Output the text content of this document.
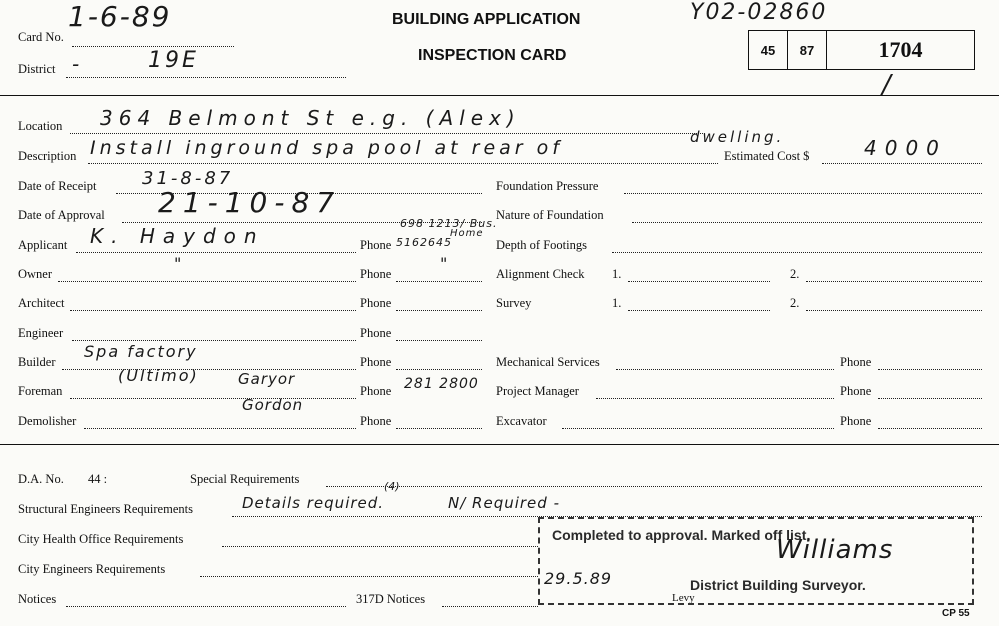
Card No.
1-6-89
District -	19E
BUILDING APPLICATION
INSPECTION CARD
Y02-02860
45	87	1704
/
Location 364 Belmont St e.g. (Alex)
Description Install inground spa pool at rear of	dwelling.
Estimated Cost $	4000
Date of Receipt	31-8-87
Date of Approval 21-10-87
Applicant K. Haydon	Phone
698 1213/ Bus.
Home
5162645
Owner
"
Phone
"
Architect	Phone
Engineer	Phone
Builder
Spa factory
(Ultimo)
Phone
Foreman
Garyor
Gordon
Phone 281 2800
Demolisher	Phone
Foundation Pressure
Nature of Foundation
Depth of Footings
Alignment Check 1.	2.
Survey	1.	2.
Mechanical Services	Phone
Project Manager	Phone
Excavator	Phone
D.A. No. 44 :	Special Requirements
Structural Engineers Requirements	Details required.
(4)
N/ Required -
City Health Office Requirements
City Engineers Requirements
Notices	317D Notices	Levy
Completed to approval. Marked off list.
Williams
29.5.89	District Building Surveyor.
CP 55
